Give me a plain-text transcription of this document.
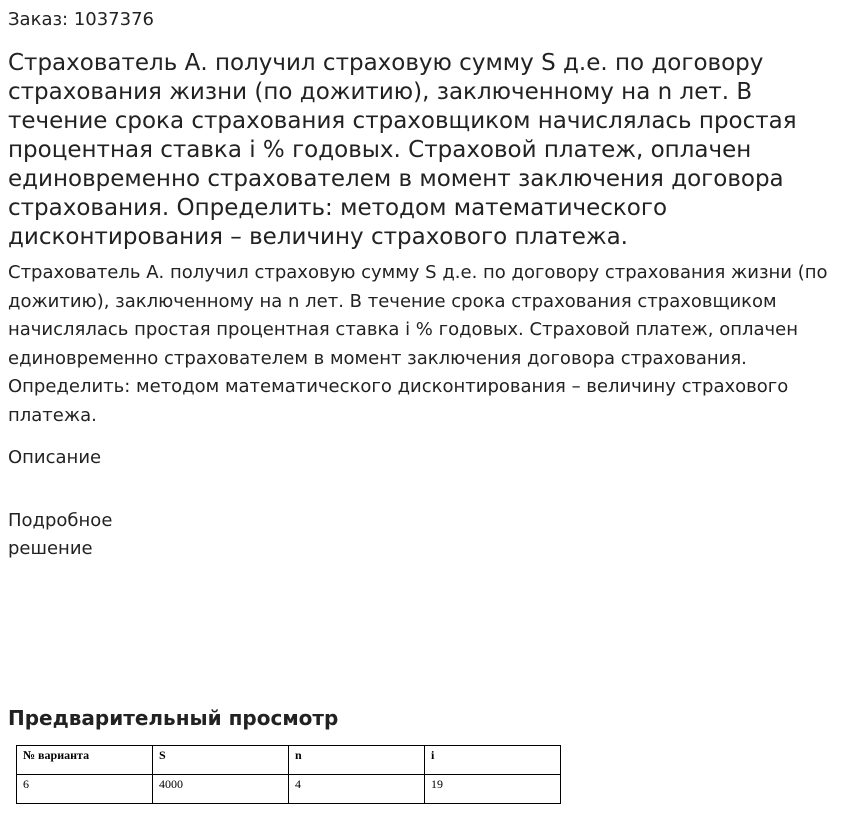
Заказ: 1037376
Страхователь А. получил страховую сумму S д.е. по договору страхования жизни (по дожитию), заключенному на n лет. В течение срока страхования страховщиком начислялась простая процентная ставка i % годовых. Страховой платеж, оплачен единовременно страхователем в момент заключения договора страхования. Определить: методом математического дисконтирования – величину страхового платежа.

Страхователь А. получил страховую сумму S д.е. по договору страхования жизни (по дожитию), заключенному на n лет. В течение срока страхования страховщиком начислялась простая процентная ставка i % годовых. Страховой платеж, оплачен единовременно страхователем в момент заключения договора страхования. Определить: методом математического дисконтирования – величину страхового платежа.

Описание
Подробное решение
Предварительный просмотр
№ варианта	S	n	i
6	4000	4	19
